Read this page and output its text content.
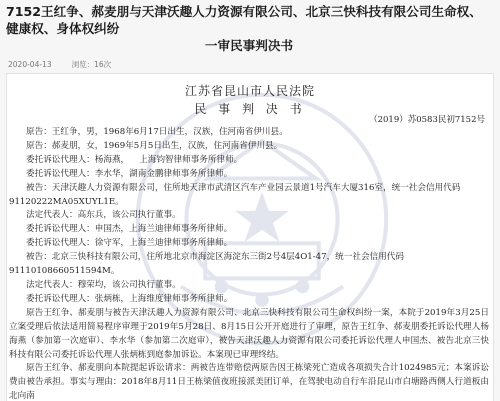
7152王红争、郝麦朋与天津沃趣人力资源有限公司、北京三快科技有限公司生命权、健康权、身体权纠纷
一审民事判决书
2020-04-13	浏览：16次
江苏省昆山市人民法院
民 事 判 决 书
（2019）苏0583民初7152号
原告：王红争，男，1968年6月17日出生，汉族，住河南省伊川县。
原告：郝麦朋，女，1969年5月5日出生，汉族，住河南省伊川县。
委托诉讼代理人：杨海燕， 上海钧智律师事务所律师。
委托诉讼代理人：李水华，湖南金鹏律师事务所律师。
被告：天津沃趣人力资源有限公司，住所地天津市武清区汽车产业园云景道1号汽车大厦316室，统一社会信用代码
91120222MA05XUYL1E。
法定代表人：高东兵，该公司执行董事。
委托诉讼代理人：申国杰，上海兰迪律师事务所律师。
委托诉讼代理人：徐守军，上海兰迪律师事务所律师。
被告：北京三快科技有限公司，住所地北京市海淀区海淀东三街2号4层4O1-47，统一社会信用代码
91110108660511594M。
法定代表人：穆荣均，该公司执行董事。
委托诉讼代理人：张炳栋，上海维度律师事务所律师。
原告王红争、郝麦朋与被告天津沃趣人力资源有限公司、北京三快科技有限公司生命权纠纷一案，本院于2019年3月25日立案受理后依法适用简易程序审理于2019年5月28日、8月15日公开开庭进行了审理，原告王红争、郝麦朋委托诉讼代理人杨海燕（参加第一次庭审）、李水华（参加第二次庭审），被告天津沃趣人力资源有限公司委托诉讼代理人申国杰、被告北京三快科技有限公司委托诉讼代理人张炳栋到庭参加诉讼。本案现已审理终结。
原告王红争、郝麦朋向本院提起诉讼请求：两被告连带赔偿两原告因王栋梁死亡造成各项损失合计1024985元；本案诉讼费由被告承担。事实与理由：2018年8月11日王栋梁值夜班接派美团订单，在驾驶电动自行车沿昆山市白塘路西侧人行道板由北向南
